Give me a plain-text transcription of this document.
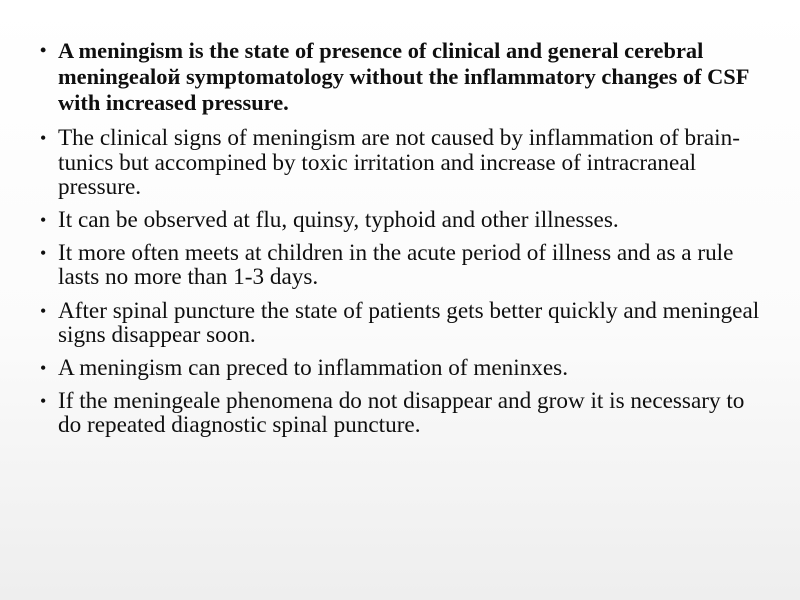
• A meningism is the state of presence of clinical and general cerebral meningealoй symptomatology without the inflammatory changes of CSF with increased pressure.
• The clinical signs of meningism are not caused by inflammation of brain-tunics but accompined by toxic irritation and increase of intracraneal pressure.
• It can be observed at flu, quinsy, typhoid and other illnesses.
• It more often meets at children in the acute period of illness and as a rule lasts no more than 1-3 days.
• After spinal puncture the state of patients gets better quickly and meningeal signs disappear soon.
• A meningism can preced to inflammation of meninxes.
• If the meningeale phenomena do not disappear and grow it is necessary to do repeated diagnostic spinal puncture.
